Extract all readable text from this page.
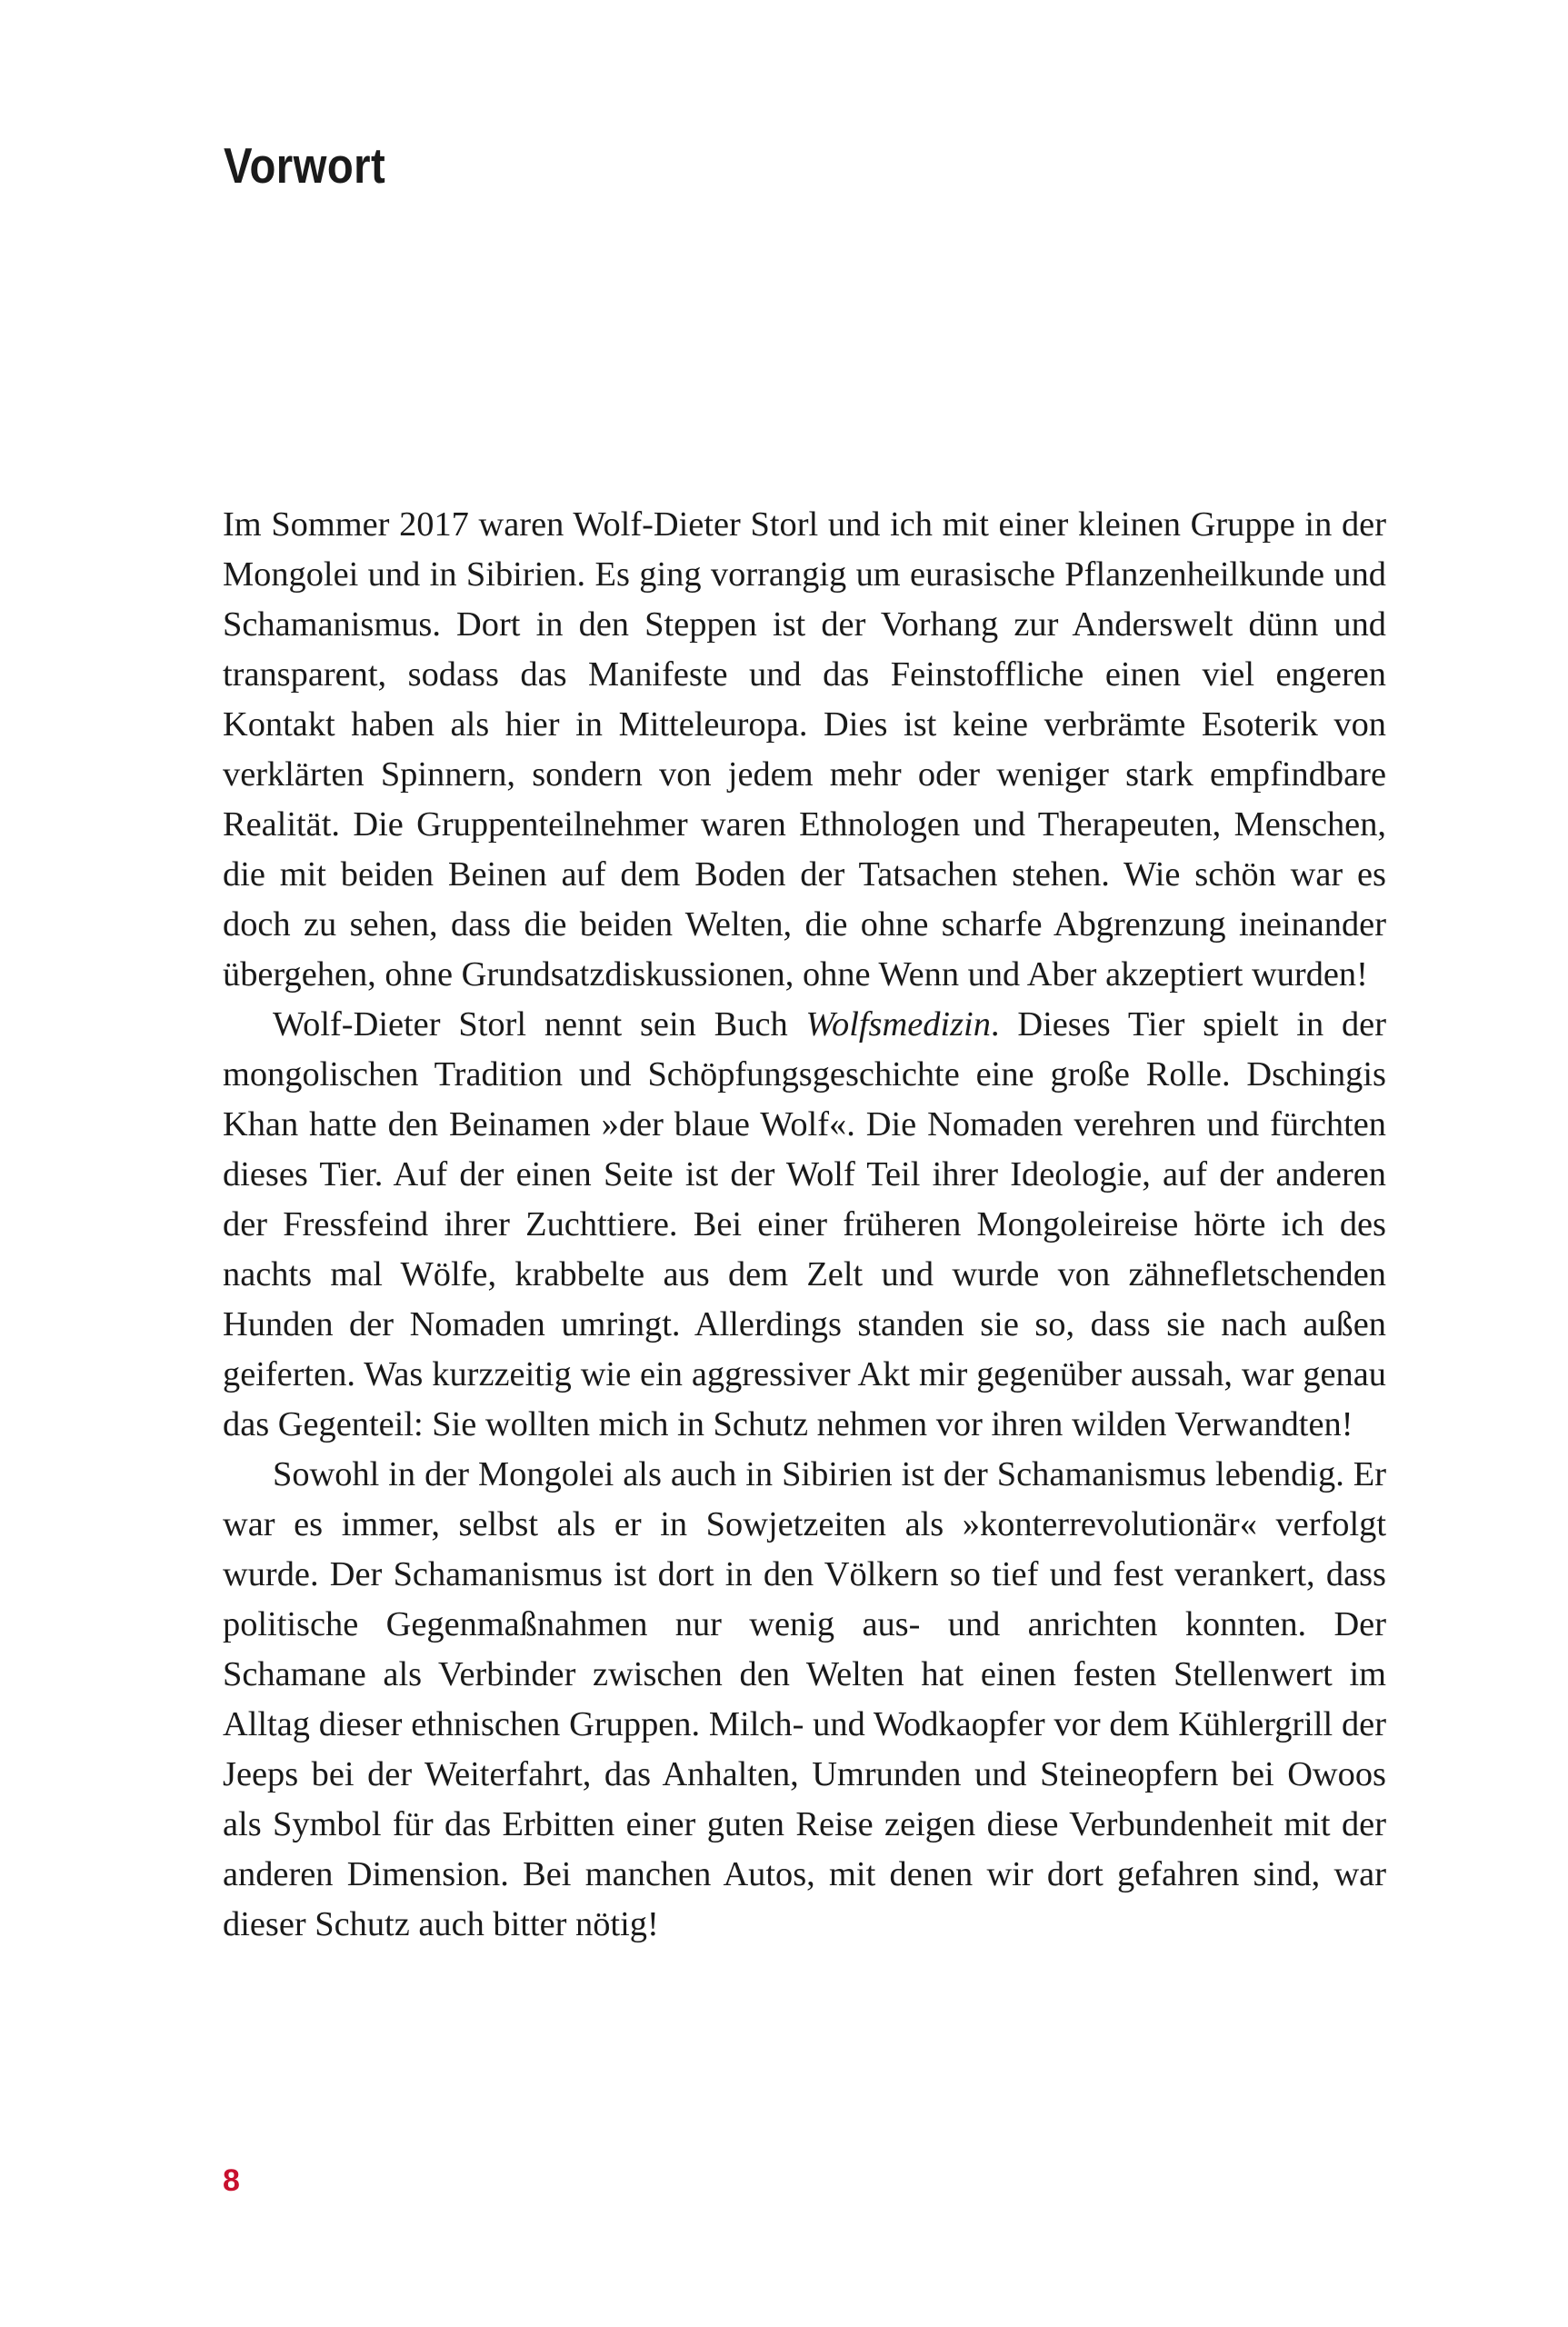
Vorwort

Im Sommer 2017 waren Wolf-Dieter Storl und ich mit einer kleinen Gruppe in der Mongolei und in Sibirien. Es ging vorrangig um eurasische Pflanzenheilkunde und Schamanismus. Dort in den Steppen ist der Vorhang zur Anderswelt dünn und transparent, sodass das Manifeste und das Feinstoffliche einen viel engeren Kontakt haben als hier in Mitteleuropa. Dies ist keine verbrämte Esoterik von verklärten Spinnern, sondern von jedem mehr oder weniger stark empfindbare Realität. Die Gruppenteilnehmer waren Ethnologen und Therapeuten, Menschen, die mit beiden Beinen auf dem Boden der Tatsachen stehen. Wie schön war es doch zu sehen, dass die beiden Welten, die ohne scharfe Abgrenzung ineinander übergehen, ohne Grundsatzdiskussionen, ohne Wenn und Aber akzeptiert wurden!

Wolf-Dieter Storl nennt sein Buch Wolfsmedizin. Dieses Tier spielt in der mongolischen Tradition und Schöpfungsgeschichte eine große Rolle. Dschingis Khan hatte den Beinamen »der blaue Wolf«. Die Nomaden verehren und fürchten dieses Tier. Auf der einen Seite ist der Wolf Teil ihrer Ideologie, auf der anderen der Fressfeind ihrer Zuchttiere. Bei einer früheren Mongoleireise hörte ich des nachts mal Wölfe, krabbelte aus dem Zelt und wurde von zähnefletschenden Hunden der Nomaden umringt. Allerdings standen sie so, dass sie nach außen geiferten. Was kurzzeitig wie ein aggressiver Akt mir gegenüber aussah, war genau das Gegenteil: Sie wollten mich in Schutz nehmen vor ihren wilden Verwandten!

Sowohl in der Mongolei als auch in Sibirien ist der Schamanismus lebendig. Er war es immer, selbst als er in Sowjetzeiten als »konterrevolutionär« verfolgt wurde. Der Schamanismus ist dort in den Völkern so tief und fest verankert, dass politische Gegenmaßnahmen nur wenig aus- und anrichten konnten. Der Schamane als Verbinder zwischen den Welten hat einen festen Stellenwert im Alltag dieser ethnischen Gruppen. Milch- und Wodkaopfer vor dem Kühlergrill der Jeeps bei der Weiterfahrt, das Anhalten, Umrunden und Steineopfern bei Owoos als Symbol für das Erbitten einer guten Reise zeigen diese Verbundenheit mit der anderen Dimension. Bei manchen Autos, mit denen wir dort gefahren sind, war dieser Schutz auch bitter nötig!

8
